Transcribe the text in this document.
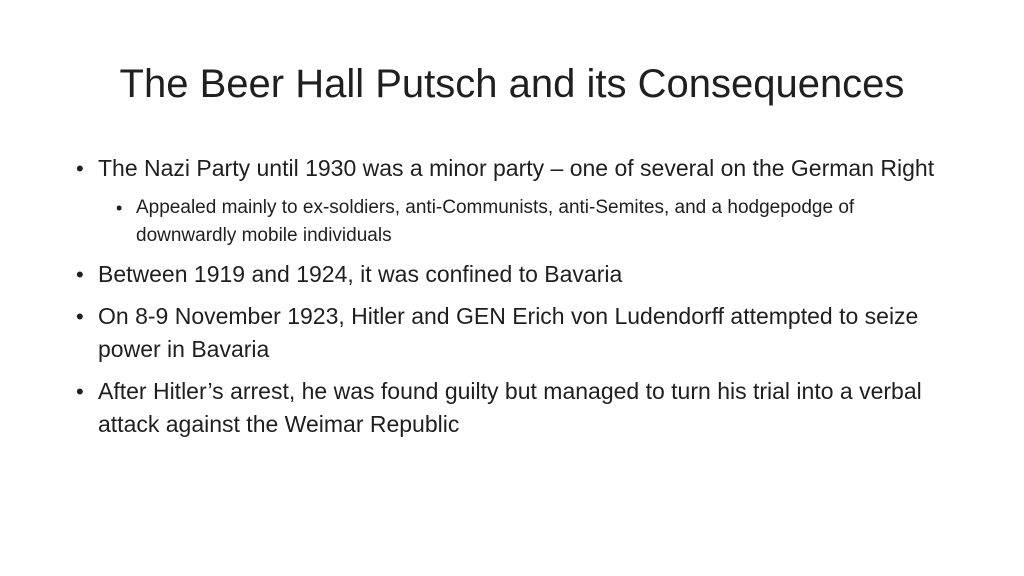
The Beer Hall Putsch and its Consequences
• The Nazi Party until 1930 was a minor party – one of several on the German Right
• Appealed mainly to ex-soldiers, anti-Communists, anti-Semites, and a hodgepodge of downwardly mobile individuals
• Between 1919 and 1924, it was confined to Bavaria
• On 8-9 November 1923, Hitler and GEN Erich von Ludendorff attempted to seize power in Bavaria
• After Hitler’s arrest, he was found guilty but managed to turn his trial into a verbal attack against the Weimar Republic
